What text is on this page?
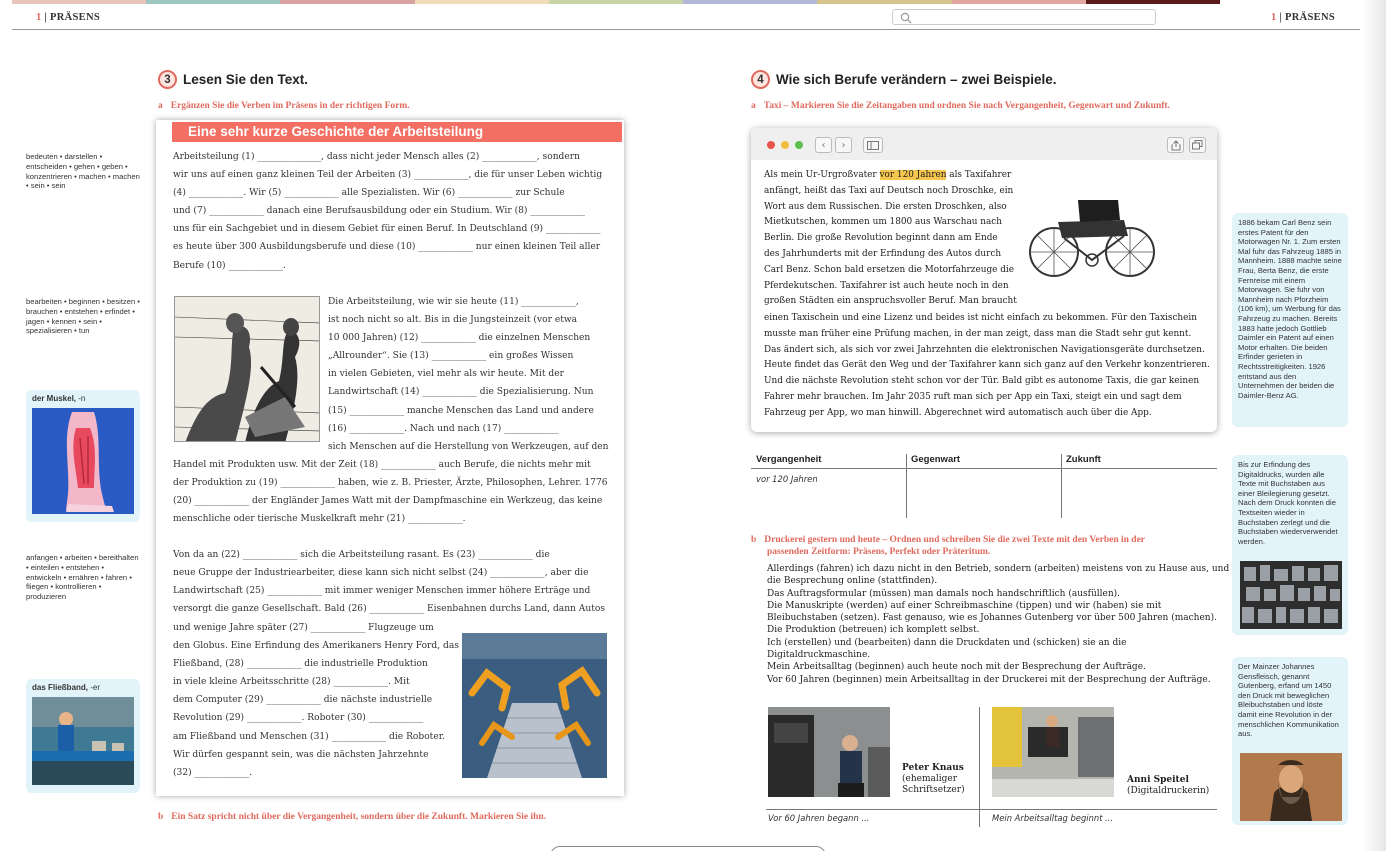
1 | PRÄSENS	1 | PRÄSENS
3 Lesen Sie den Text.
a Ergänzen Sie die Verben im Präsens in der richtigen Form.
bedeuten • darstellen • entscheiden • gehen • geben • konzentrieren • machen • machen • sein • sein
bearbeiten • beginnen • besitzen • brauchen • entstehen • erfindet • jagen • kennen • sein • spezialisieren • tun
anfangen • arbeiten • bereithalten • einteilen • entstehen • entwickeln • ernähren • fahren • fliegen • kontrollieren • produzieren
der Muskel, -n
das Fließband, -er
Eine sehr kurze Geschichte der Arbeitsteilung
Arbeitsteilung (1) ______________, dass nicht jeder Mensch alles (2) ____________, sondern
wir uns auf einen ganz kleinen Teil der Arbeiten (3) ____________, die für unser Leben wichtig
(4) ____________. Wir (5) ____________ alle Spezialisten. Wir (6) ____________ zur Schule
und (7) ____________ danach eine Berufsausbildung oder ein Studium. Wir (8) ____________
uns für ein Sachgebiet und in diesem Gebiet für einen Beruf. In Deutschland (9) ____________
es heute über 300 Ausbildungsberufe und diese (10) ____________ nur einen kleinen Teil aller
Berufe (10) ____________.
Die Arbeitsteilung, wie wir sie heute (11) ____________,
ist noch nicht so alt. Bis in die Jungsteinzeit (vor etwa
10 000 Jahren) (12) ____________ die einzelnen Menschen
„Allrounder“. Sie (13) ____________ ein großes Wissen
in vielen Gebieten, viel mehr als wir heute. Mit der
Landwirtschaft (14) ____________ die Spezialisierung. Nun
(15) ____________ manche Menschen das Land und andere
(16) ____________. Nach und nach (17) ____________
sich Menschen auf die Herstellung von Werkzeugen, auf den
Handel mit Produkten usw. Mit der Zeit (18) ____________ auch Berufe, die nichts mehr mit
der Produktion zu (19) ____________ haben, wie z. B. Priester, Ärzte, Philosophen, Lehrer. 1776
(20) ____________ der Engländer James Watt mit der Dampfmaschine ein Werkzeug, das keine
menschliche oder tierische Muskelkraft mehr (21) ____________.
Von da an (22) ____________ sich die Arbeitsteilung rasant. Es (23) ____________ die
neue Gruppe der Industriearbeiter, diese kann sich nicht selbst (24) ____________, aber die
Landwirtschaft (25) ____________ mit immer weniger Menschen immer höhere Erträge und
versorgt die ganze Gesellschaft. Bald (26) ____________ Eisenbahnen durchs Land, dann Autos
und wenige Jahre später (27) ____________ Flugzeuge um
den Globus. Eine Erfindung des Amerikaners Henry Ford, das
Fließband, (28) ____________ die industrielle Produktion
in viele kleine Arbeitsschritte (28) ____________. Mit
dem Computer (29) ____________ die nächste industrielle
Revolution (29) ____________. Roboter (30) ____________
am Fließband und Menschen (31) ____________ die Roboter.
Wir dürfen gespannt sein, was die nächsten Jahrzehnte
(32) ____________.
b Ein Satz spricht nicht über die Vergangenheit, sondern über die Zukunft. Markieren Sie ihn.
4 Wie sich Berufe verändern – zwei Beispiele.
a Taxi – Markieren Sie die Zeitangaben und ordnen Sie nach Vergangenheit, Gegenwart und Zukunft.
‹ ›
Als mein Ur-Urgroßvater vor 120 Jahren als Taxifahrer
anfängt, heißt das Taxi auf Deutsch noch Droschke, ein
Wort aus dem Russischen. Die ersten Droschken, also
Mietkutschen, kommen um 1800 aus Warschau nach
Berlin. Die große Revolution beginnt dann am Ende
des Jahrhunderts mit der Erfindung des Autos durch
Carl Benz. Schon bald ersetzen die Motorfahrzeuge die
Pferdekutschen. Taxifahrer ist auch heute noch in den
großen Städten ein anspruchsvoller Beruf. Man braucht
einen Taxischein und eine Lizenz und beides ist nicht einfach zu bekommen. Für den Taxischein
musste man früher eine Prüfung machen, in der man zeigt, dass man die Stadt sehr gut kennt.
Das ändert sich, als sich vor zwei Jahrzehnten die elektronischen Navigationsgeräte durchsetzen.
Heute findet das Gerät den Weg und der Taxifahrer kann sich ganz auf den Verkehr konzentrieren.
Und die nächste Revolution steht schon vor der Tür. Bald gibt es autonome Taxis, die gar keinen
Fahrer mehr brauchen. Im Jahr 2035 ruft man sich per App ein Taxi, steigt ein und sagt dem
Fahrzeug per App, wo man hinwill. Abgerechnet wird automatisch auch über die App.
1886 bekam Carl Benz sein erstes Patent für den Motorwagen Nr. 1. Zum ersten Mal fuhr das Fahrzeug 1885 in Mannheim. 1888 machte seine Frau, Berta Benz, die erste Fernreise mit einem Motorwagen. Sie fuhr von Mannheim nach Pforzheim (106 km), um Werbung für das Fahrzeug zu machen. Bereits 1883 hatte jedoch Gottlieb Daimler ein Patent auf einen Motor erhalten. Die beiden Erfinder gerieten in Rechtsstreitigkeiten. 1926 entstand aus den Unternehmen der beiden die Daimler-Benz AG.
Bis zur Erfindung des Digitaldrucks, wurden alle Texte mit Buchstaben aus einer Bleilegierung gesetzt. Nach dem Druck konnten die Textseiten wieder in Buchstaben zerlegt und die Buchstaben wiederverwendet werden.
Der Mainzer Johannes Gensfleisch, genannt Gutenberg, erfand um 1450 den Druck mit beweglichen Bleibuchstaben und löste damit eine Revolution in der menschlichen Kommunikation aus.
Vergangenheit	Gegenwart	Zukunft
vor 120 Jahren
b Druckerei gestern und heute – Ordnen und schreiben Sie die zwei Texte mit den Verben in der
passenden Zeitform: Präsens, Perfekt oder Präteritum.
Allerdings (fahren) ich dazu nicht in den Betrieb, sondern (arbeiten) meistens von zu Hause aus, und
die Besprechung online (stattfinden).
Das Auftragsformular (müssen) man damals noch handschriftlich (ausfüllen).
Die Manuskripte (werden) auf einer Schreibmaschine (tippen) und wir (haben) sie mit
Bleibuchstaben (setzen). Fast genauso, wie es Johannes Gutenberg vor über 500 Jahren (machen).
Die Produktion (betreuen) ich komplett selbst.
Ich (erstellen) und (bearbeiten) dann die Druckdaten und (schicken) sie an die
Digitaldruckmaschine.
Mein Arbeitsalltag (beginnen) auch heute noch mit der Besprechung der Aufträge.
Vor 60 Jahren (beginnen) mein Arbeitsalltag in der Druckerei mit der Besprechung der Aufträge.
Peter Knaus
(ehemaliger
Schriftsetzer)
Anni Speitel
(Digitaldruckerin)
Vor 60 Jahren begann ...	Mein Arbeitsalltag beginnt ...
